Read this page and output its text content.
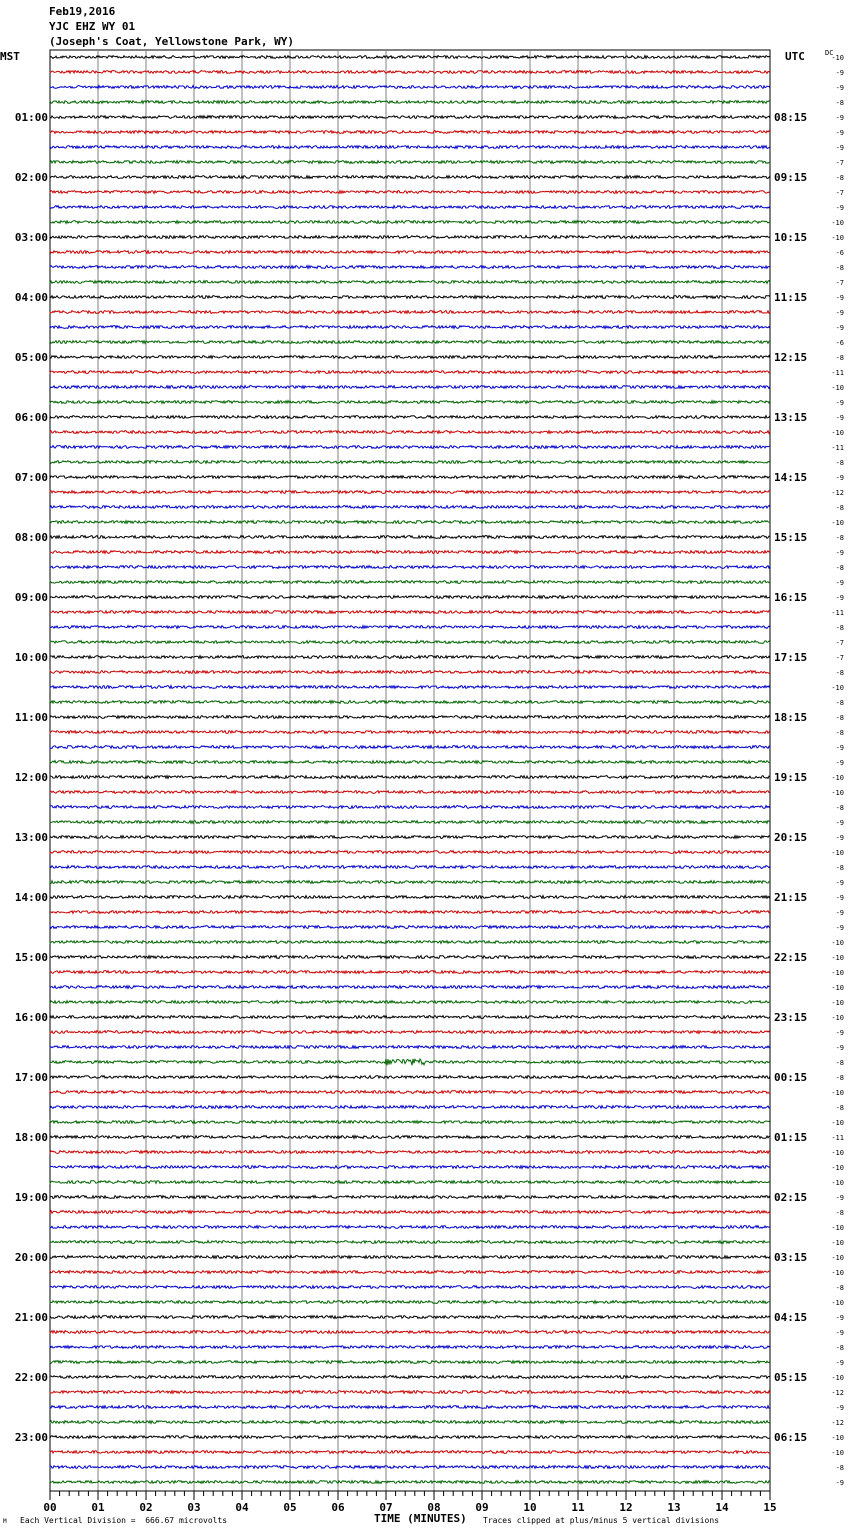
01:00	08:15
02:00	09:15
03:00	10:15
04:00	11:15
05:00	12:15
06:00	13:15
07:00	14:15
08:00	15:15
09:00	16:15
10:00	17:15
11:00	18:15
12:00	19:15
13:00	20:15
14:00	21:15
15:00	22:15
16:00	23:15
17:00	00:15
18:00	01:15
19:00	02:15
20:00	03:15
21:00	04:15
22:00	05:15
23:00	06:15
-10
-9
-9
-8
-9
-9
-9
-7
-8
-7
-9
-10
-10
-6
-8
-7
-9
-9
-9
-6
-8
-11
-10
-9
-9
-10
-11
-8
-9
-12
-8
-10
-8
-9
-8
-9
-9
-11
-8
-7
-7
-8
-10
-8
-8
-8
-9
-9
-10
-10
-8
-9
-9
-10
-8
-9
-9
-9
-9
-10
-10
-10
-10
-10
-10
-9
-9
-8
-8
-10
-8
-10
-11
-10
-10
-10
-9
-8
-10
-10
-10
-10
-8
-10
-9
-9
-8
-9
-10
-12
-9
-12
-10
-10
-8
-9
00	01	02	03	04	05	06	07	08	09	10	11	12	13	14	15
Feb19,2016
YJC EHZ WY 01
(Joseph's Coat, Yellowstone Park, WY)
MST	UTC	DC
M Each Vertical Division =  666.67 microvolts	TIME (MINUTES) Traces clipped at plus/minus 5 vertical divisions
